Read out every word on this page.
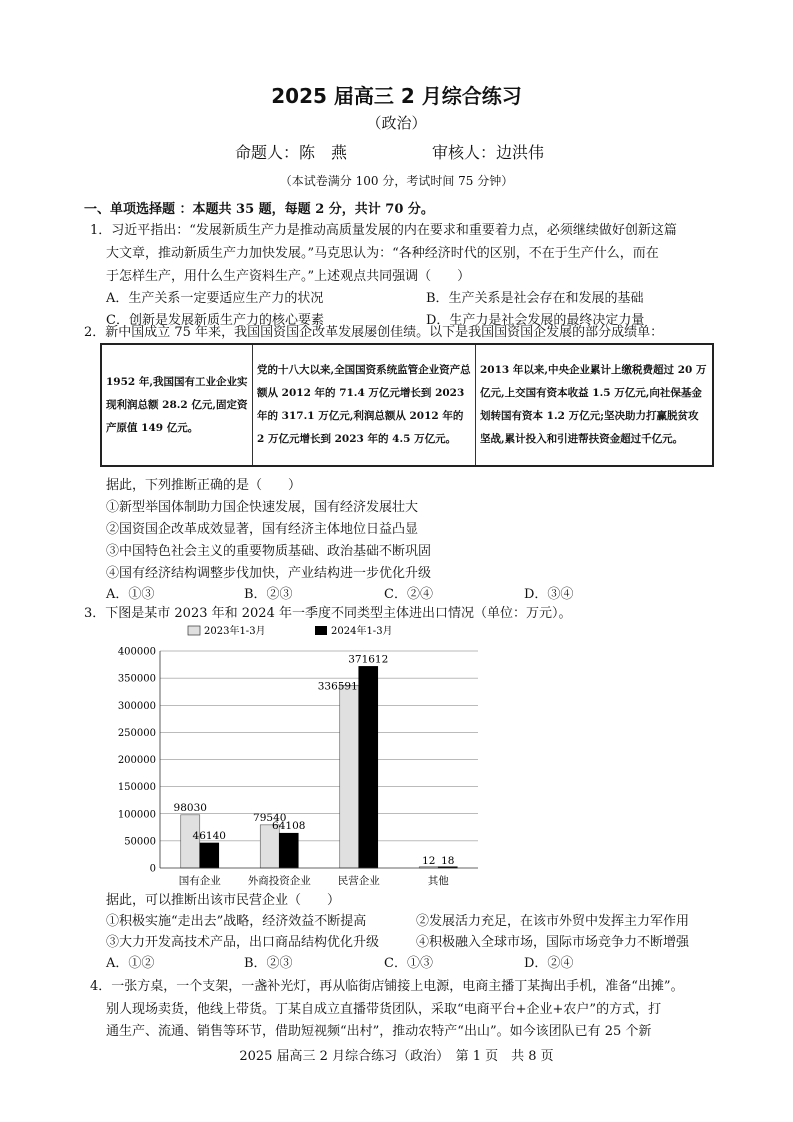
2025 届高三 2 月综合练习
（政治）
命题人：陈　燕	审核人：边洪伟
（本试卷满分 100 分，考试时间 75 分钟）
一、单项选择题 ：本题共 35 题，每题 2 分，共计 70 分。
1．习近平指出：“发展新质生产力是推动高质量发展的内在要求和重要着力点，必须继续做好创新这篇
大文章，推动新质生产力加快发展。”马克思认为：“各种经济时代的区别，不在于生产什么，而在
于怎样生产，用什么生产资料生产。”上述观点共同强调（　　）
A．生产关系一定要适应生产力的状况	B．生产关系是社会存在和发展的基础
C．创新是发展新质生产力的核心要素	D．生产力是社会发展的最终决定力量
2．新中国成立 75 年来，我国国资国企改革发展屡创佳绩。以下是我国国资国企发展的部分成绩单：
1952 年,我国国有工业企业实现利润总额 28.2 亿元,固定资产原值 149 亿元。	党的十八大以来,全国国资系统监管企业资产总额从 2012 年的 71.4 万亿元增长到 2023 年的 317.1 万亿元,利润总额从 2012 年的 2 万亿元增长到 2023 年的 4.5 万亿元。	2013 年以来,中央企业累计上缴税费超过 20 万亿元,上交国有资本收益 1.5 万亿元,向社保基金划转国有资本 1.2 万亿元;坚决助力打赢脱贫攻坚战,累计投入和引进帮扶资金超过千亿元。
据此，下列推断正确的是（　　）
①新型举国体制助力国企快速发展，国有经济发展壮大
②国资国企改革成效显著，国有经济主体地位日益凸显
③中国特色社会主义的重要物质基础、政治基础不断巩固
④国有经济结构调整步伐加快，产业结构进一步优化升级
A．①③	B．②③	C．②④	D．③④
3．下图是某市 2023 年和 2024 年一季度不同类型主体进出口情况（单位：万元）。
2023年1-3月	2024年1-3月
0
50000
100000
150000
200000
250000
300000
350000
400000
98030
46140
79540
64108
336591
371612
12 18
国有企业	外商投资企业	民营企业	其他
据此，可以推断出该市民营企业（　　）
①积极实施“走出去”战略，经济效益不断提高	②发展活力充足，在该市外贸中发挥主力军作用
③大力开发高技术产品，出口商品结构优化升级	④积极融入全球市场，国际市场竞争力不断增强
A．①②	B．②③	C．①③	D．②④
4．一张方桌，一个支架，一盏补光灯，再从临街店铺接上电源，电商主播丁某掏出手机，准备“出摊”。
别人现场卖货，他线上带货。丁某自成立直播带货团队，采取“电商平台+企业+农户”的方式，打
通生产、流通、销售等环节，借助短视频“出村”，推动农特产“出山”。如今该团队已有 25 个新
2025 届高三 2 月综合练习（政治）　第 1 页　共 8 页
